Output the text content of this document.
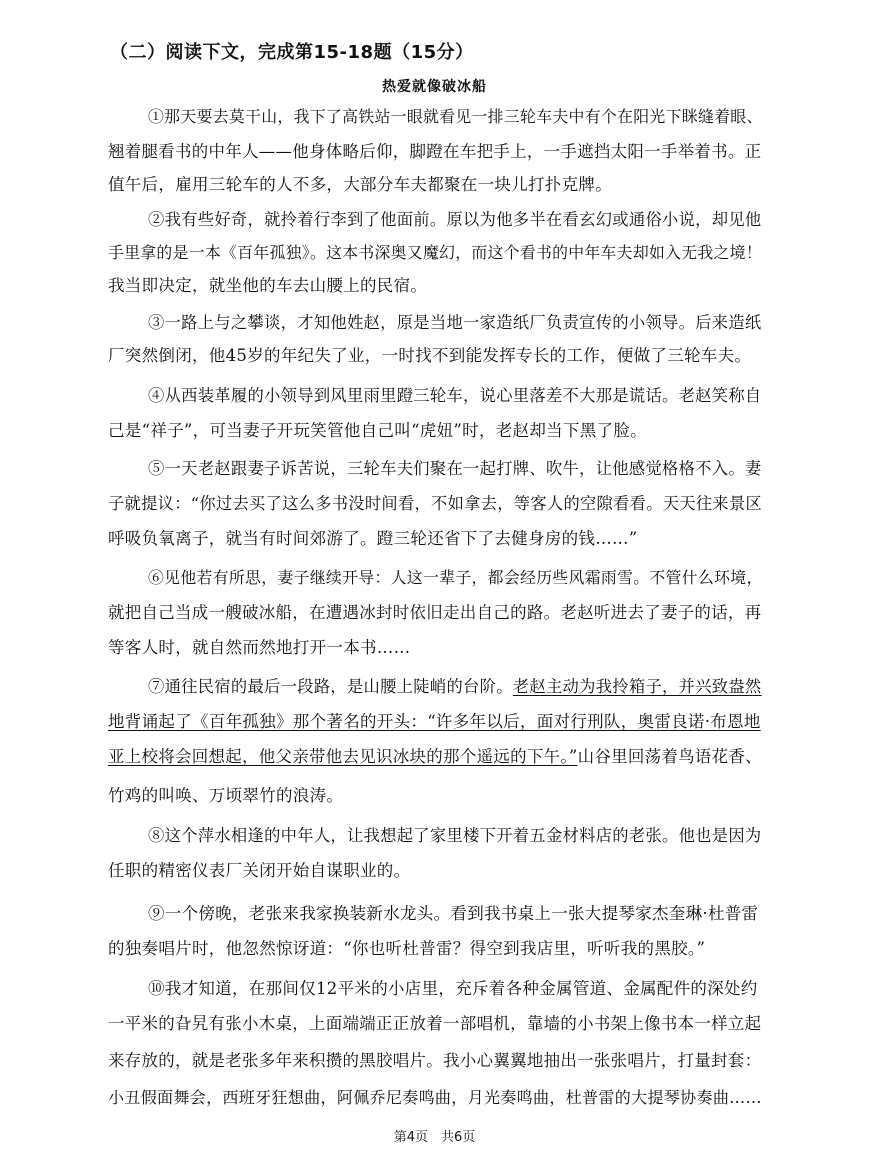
（二）阅读下文，完成第15-18题（15分）
热爱就像破冰船
①那天要去莫干山，我下了高铁站一眼就看见一排三轮车夫中有个在阳光下眯缝着眼、
翘着腿看书的中年人——他身体略后仰，脚蹬在车把手上，一手遮挡太阳一手举着书。正
值午后，雇用三轮车的人不多，大部分车夫都聚在一块儿打扑克牌。
②我有些好奇，就拎着行李到了他面前。原以为他多半在看玄幻或通俗小说，却见他
手里拿的是一本《百年孤独》。这本书深奥又魔幻，而这个看书的中年车夫却如入无我之境！
我当即决定，就坐他的车去山腰上的民宿。
③一路上与之攀谈，才知他姓赵，原是当地一家造纸厂负责宣传的小领导。后来造纸
厂突然倒闭，他45岁的年纪失了业，一时找不到能发挥专长的工作，便做了三轮车夫。
④从西装革履的小领导到风里雨里蹬三轮车，说心里落差不大那是谎话。老赵笑称自
己是“祥子”，可当妻子开玩笑管他自己叫“虎妞”时，老赵却当下黑了脸。
⑤一天老赵跟妻子诉苦说，三轮车夫们聚在一起打牌、吹牛，让他感觉格格不入。妻
子就提议：“你过去买了这么多书没时间看，不如拿去，等客人的空隙看看。天天往来景区
呼吸负氧离子，就当有时间郊游了。蹬三轮还省下了去健身房的钱……”
⑥见他若有所思，妻子继续开导：人这一辈子，都会经历些风霜雨雪。不管什么环境，
就把自己当成一艘破冰船，在遭遇冰封时依旧走出自己的路。老赵听进去了妻子的话，再
等客人时，就自然而然地打开一本书……
⑦通往民宿的最后一段路，是山腰上陡峭的台阶。老赵主动为我拎箱子，并兴致盎然
地背诵起了《百年孤独》那个著名的开头：“许多年以后，面对行刑队，奥雷良诺·布恩地
亚上校将会回想起，他父亲带他去见识冰块的那个遥远的下午。”山谷里回荡着鸟语花香、
竹鸡的叫唤、万顷翠竹的浪涛。
⑧这个萍水相逢的中年人，让我想起了家里楼下开着五金材料店的老张。他也是因为
任职的精密仪表厂关闭开始自谋职业的。
⑨一个傍晚，老张来我家换装新水龙头。看到我书桌上一张大提琴家杰奎琳·杜普雷
的独奏唱片时，他忽然惊讶道：“你也听杜普雷？得空到我店里，听听我的黑胶。”
⑩我才知道，在那间仅12平米的小店里，充斥着各种金属管道、金属配件的深处约
一平米的旮旯有张小木桌，上面端端正正放着一部唱机，靠墙的小书架上像书本一样立起
来存放的，就是老张多年来积攒的黑胶唱片。我小心翼翼地抽出一张张唱片，打量封套：
小丑假面舞会，西班牙狂想曲，阿佩乔尼奏鸣曲，月光奏鸣曲，杜普雷的大提琴协奏曲……
第4页　共6页
